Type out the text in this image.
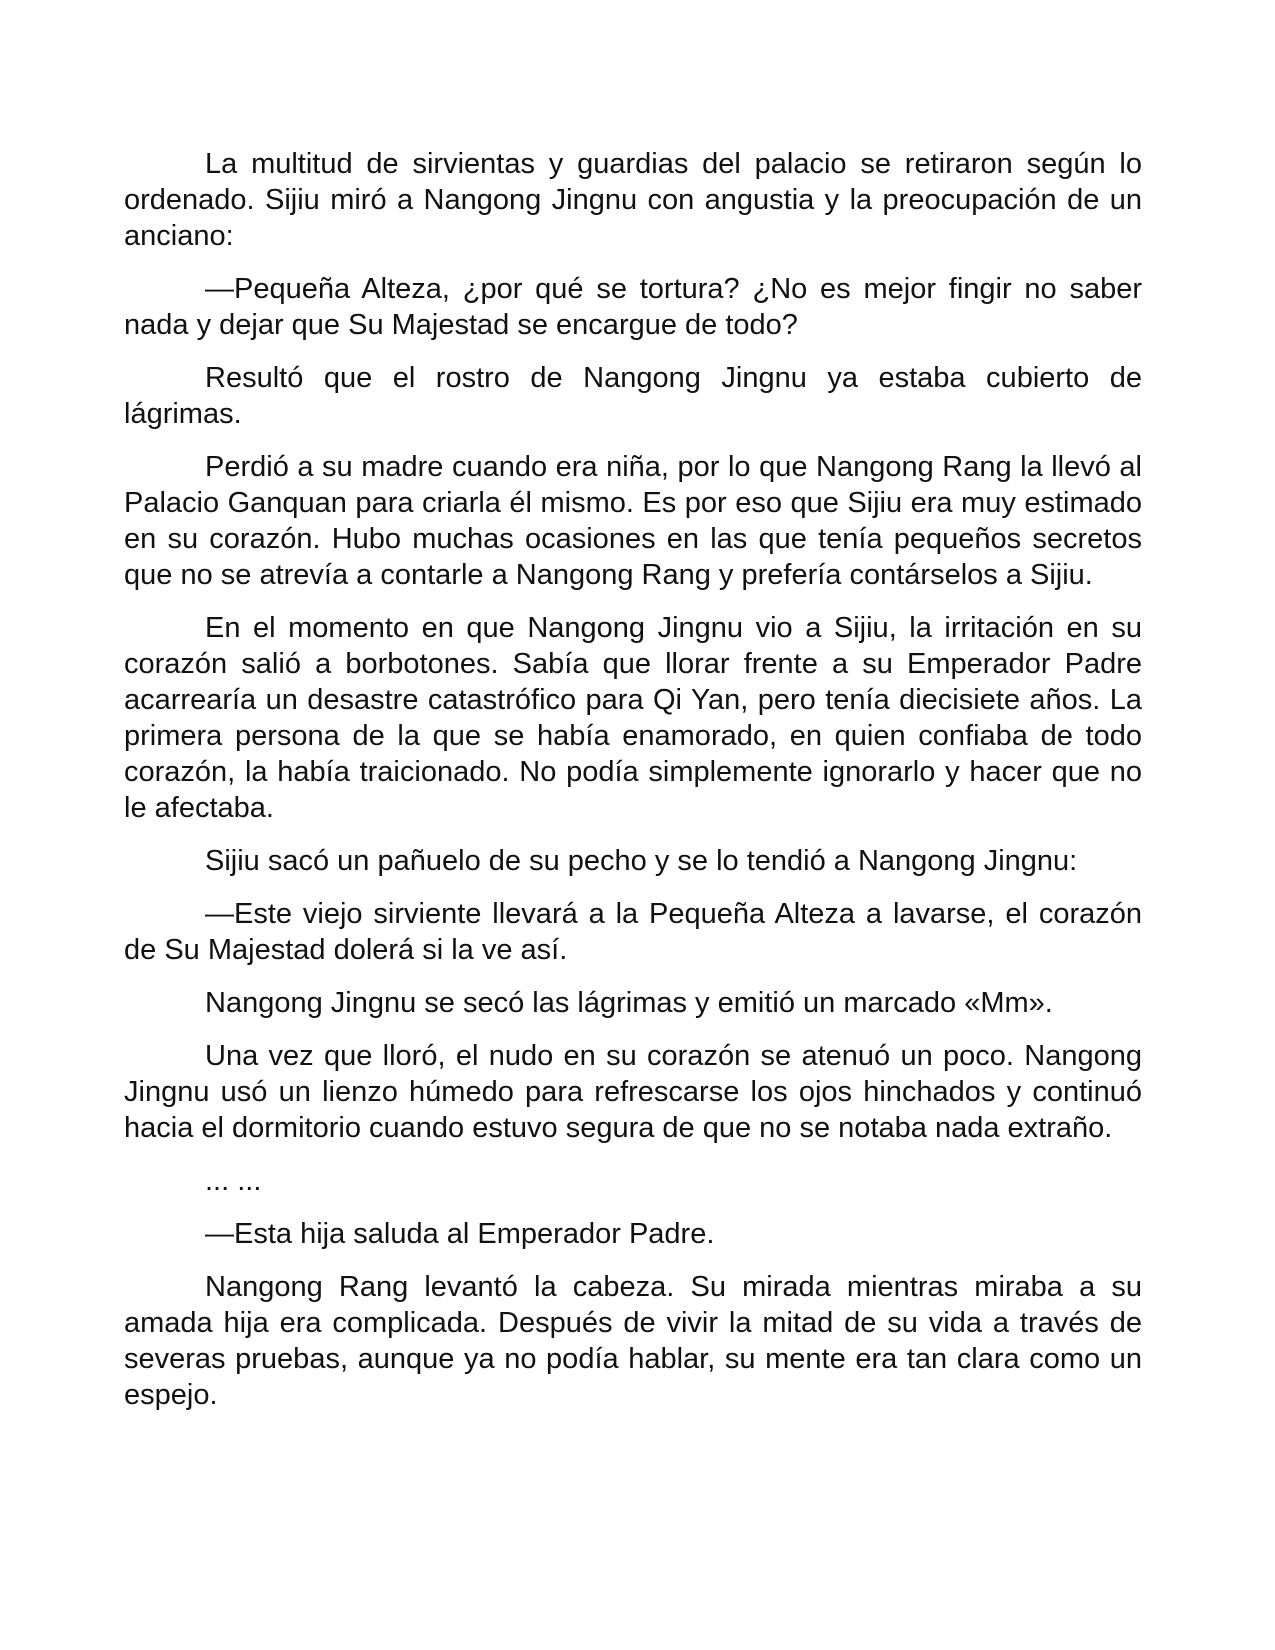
La multitud de sirvientas y guardias del palacio se retiraron según lo ordenado. Sijiu miró a Nangong Jingnu con angustia y la preocupación de un anciano:

—Pequeña Alteza, ¿por qué se tortura? ¿No es mejor fingir no saber nada y dejar que Su Majestad se encargue de todo?

Resultó que el rostro de Nangong Jingnu ya estaba cubierto de lágrimas.

Perdió a su madre cuando era niña, por lo que Nangong Rang la llevó al Palacio Ganquan para criarla él mismo. Es por eso que Sijiu era muy estimado en su corazón. Hubo muchas ocasiones en las que tenía pequeños secretos que no se atrevía a contarle a Nangong Rang y prefería contárselos a Sijiu.

En el momento en que Nangong Jingnu vio a Sijiu, la irritación en su corazón salió a borbotones. Sabía que llorar frente a su Emperador Padre acarrearía un desastre catastrófico para Qi Yan, pero tenía diecisiete años. La primera persona de la que se había enamorado, en quien confiaba de todo corazón, la había traicionado. No podía simplemente ignorarlo y hacer que no le afectaba.

Sijiu sacó un pañuelo de su pecho y se lo tendió a Nangong Jingnu:

—Este viejo sirviente llevará a la Pequeña Alteza a lavarse, el corazón de Su Majestad dolerá si la ve así.

Nangong Jingnu se secó las lágrimas y emitió un marcado «Mm».

Una vez que lloró, el nudo en su corazón se atenuó un poco. Nangong Jingnu usó un lienzo húmedo para refrescarse los ojos hinchados y continuó hacia el dormitorio cuando estuvo segura de que no se notaba nada extraño.

... ...

—Esta hija saluda al Emperador Padre.

Nangong Rang levantó la cabeza. Su mirada mientras miraba a su amada hija era complicada. Después de vivir la mitad de su vida a través de severas pruebas, aunque ya no podía hablar, su mente era tan clara como un espejo.
